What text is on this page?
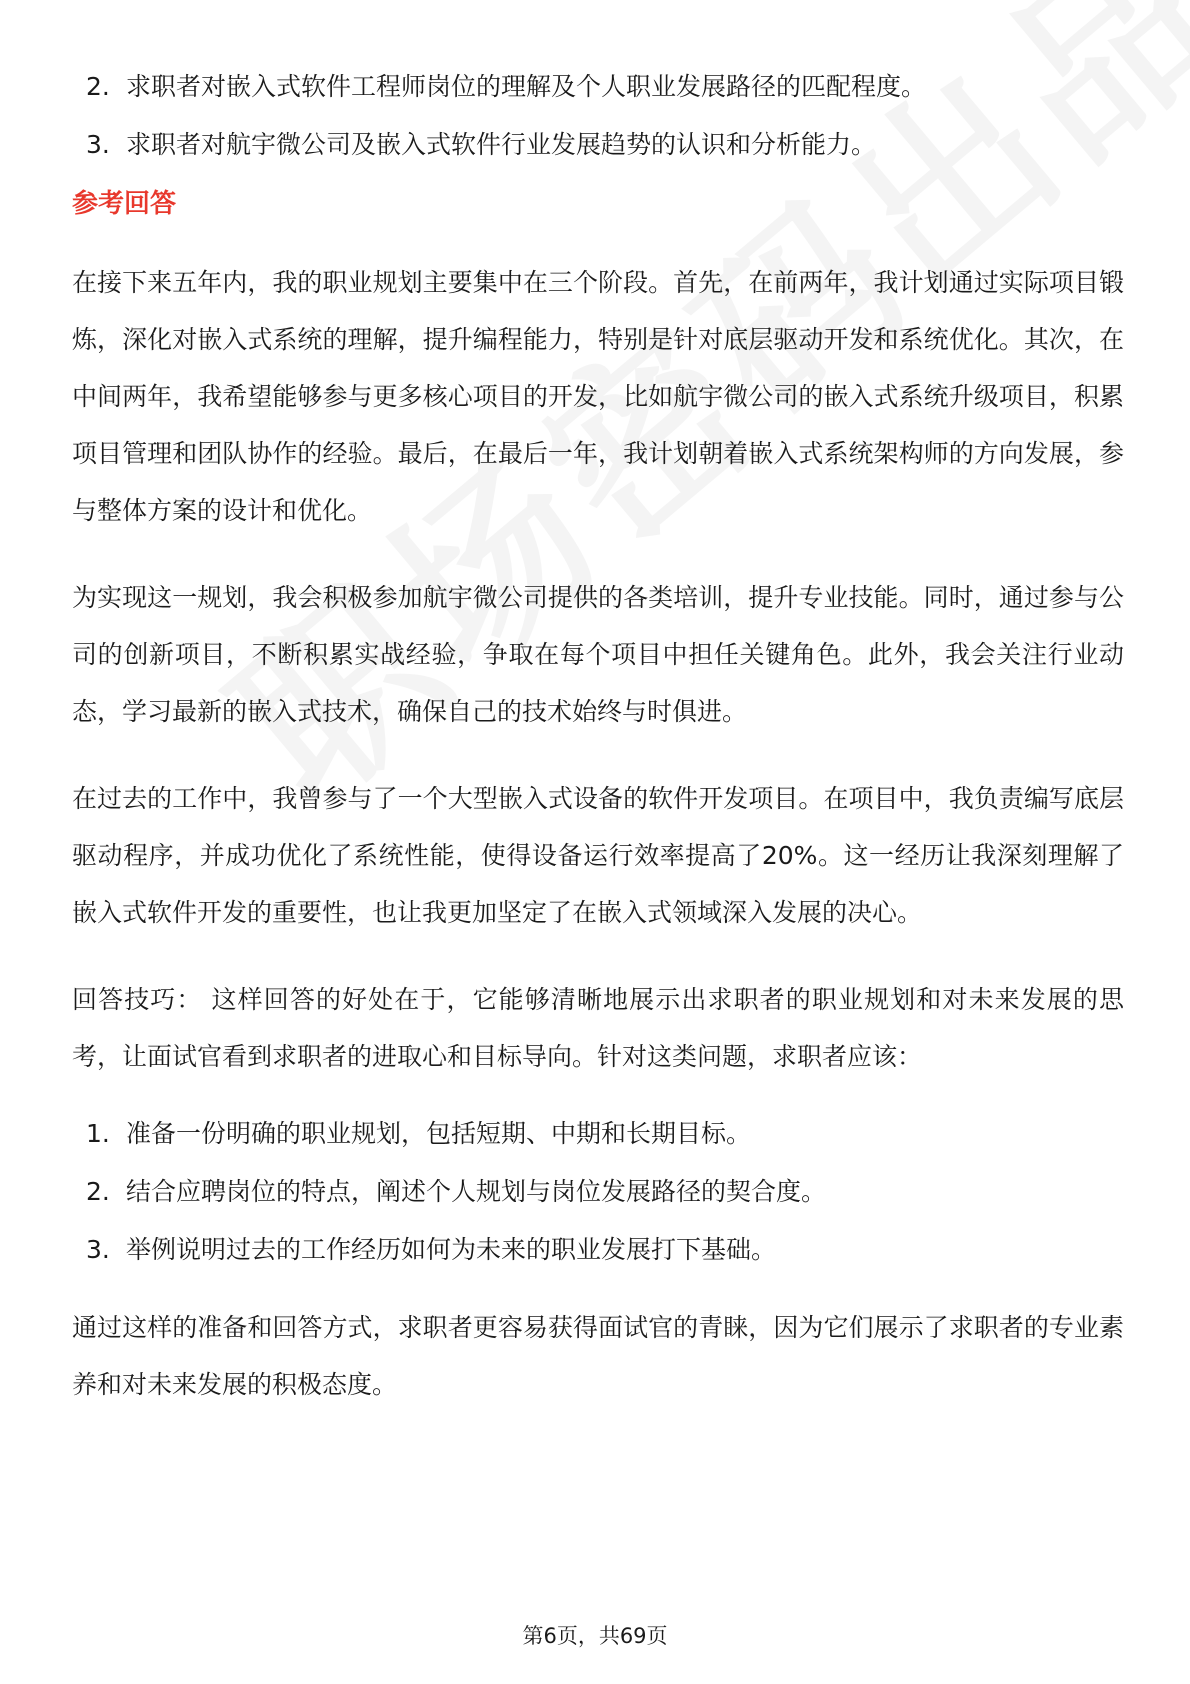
2. 求职者对嵌入式软件工程师岗位的理解及个人职业发展路径的匹配程度。
3. 求职者对航宇微公司及嵌入式软件行业发展趋势的认识和分析能力。
参考回答

在接下来五年内，我的职业规划主要集中在三个阶段。首先，在前两年，我计划通过实际项目锻炼，深化对嵌入式系统的理解，提升编程能力，特别是针对底层驱动开发和系统优化。其次，在中间两年，我希望能够参与更多核心项目的开发，比如航宇微公司的嵌入式系统升级项目，积累项目管理和团队协作的经验。最后，在最后一年，我计划朝着嵌入式系统架构师的方向发展，参与整体方案的设计和优化。

为实现这一规划，我会积极参加航宇微公司提供的各类培训，提升专业技能。同时，通过参与公司的创新项目，不断积累实战经验，争取在每个项目中担任关键角色。此外，我会关注行业动态，学习最新的嵌入式技术，确保自己的技术始终与时俱进。

在过去的工作中，我曾参与了一个大型嵌入式设备的软件开发项目。在项目中，我负责编写底层驱动程序，并成功优化了系统性能，使得设备运行效率提高了20%。这一经历让我深刻理解了嵌入式软件开发的重要性，也让我更加坚定了在嵌入式领域深入发展的决心。

回答技巧： 这样回答的好处在于，它能够清晰地展示出求职者的职业规划和对未来发展的思考，让面试官看到求职者的进取心和目标导向。针对这类问题，求职者应该：

1. 准备一份明确的职业规划，包括短期、中期和长期目标。
2. 结合应聘岗位的特点，阐述个人规划与岗位发展路径的契合度。
3. 举例说明过去的工作经历如何为未来的职业发展打下基础。

通过这样的准备和回答方式，求职者更容易获得面试官的青睐，因为它们展示了求职者的专业素养和对未来发展的积极态度。

第6页，共69页
